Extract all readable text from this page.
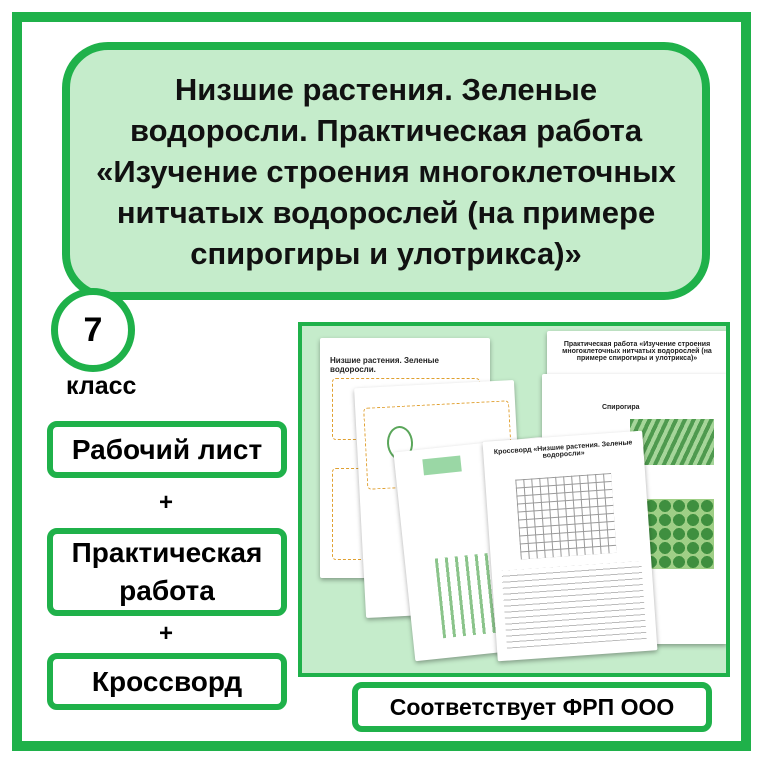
Низшие растения. Зеленые водоросли. Практическая работа «Изучение строения многоклеточных нитчатых водорослей (на примере спирогиры и улотрикса)»

7
класс
Рабочий лист
+
Практическая работа
+
Кроссворд
Низшие растения. Зеленые водоросли.
Практическая работа «Изучение строения многоклеточных нитчатых водорослей (на примере спирогиры и улотрикса)»
Спирогира
Кроссворд «Низшие растения. Зеленые водоросли»
Соответствует ФРП ООО
